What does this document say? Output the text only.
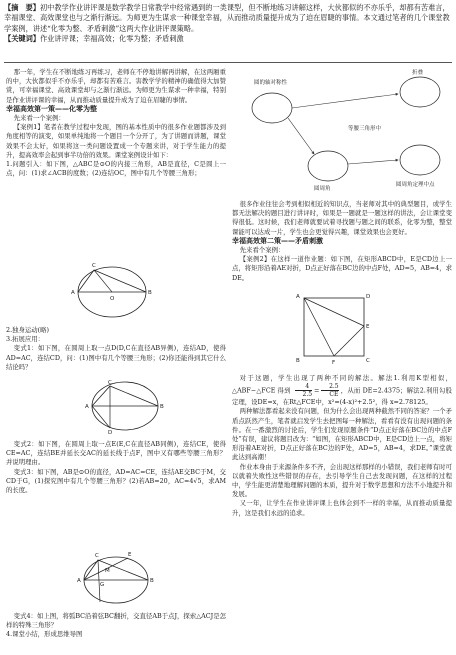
【摘　要】初中教学作业讲评课是数学教学日常教学中经常遇到的一类课型，但不断地练习讲解这样，大伙都似的不亦乐乎，却都有苦难言，幸福课堂、高效课堂也与之渐行渐远。为师更为生谋求一种课堂幸福，从而推动质量提升成为了迫在眉睫的事情。本文通过笔者的几个课堂教学案例，讲述“化零为整、矛盾刺激”这两大作业讲评课策略。
【关键词】作业讲评课；幸福高效；化零为整；矛盾刺激

那一年，学生在不断地练习再练习，老师在不停地讲解再讲解，在这两厢重的中，大伙都似乎不亦乐乎，却都有苦难言。害教学学的精神的确值得大加赞赏，可幸福课堂、高效课堂却与之渐行渐远。为师更为生谋求一种幸福，特别是作业讲评课的幸福，从而推动质量提升成为了迫在眉睫的事情。

幸福高效第一策——化零为整

先来看一个案例：

【案例1】笔者在教学过程中发现，图的基本性质中的很多作业题都涉及到角度相等的演变，如果单纯地将一个题目一个分开了，为了讲题而讲题，课堂效果不会太好，如果将这一类问题设置成一个专题来讲，对于学生能力的提升，提高效率会起到事半功倍的效果。课堂案例设计如下：

1.问题引入：如下图，△ABC是⊙O的内接三角形，AB是直径，C是圆上一点，问：(1)求∠ACB的度数；(2)连结OC，图中有几个等腰三角形；

A
C
B
O

2.独身运动(略)

3.拓展应用：

变式1：如下图，在圆周上取一点D(D,C在直径AB异侧)，连结AD，使得AD=AC，连结CD，问：(1)图中有几个等腰三角形；(2)你还能得到其它什么结论吗？

A
C
B
D

变式2：如下图，在圆周上取一点E(E,C在直径AB同侧)，连结CE，使得CE=AC，连结BE并延长交AC的延长线于点F，图中又有哪些等腰三角形？并说明理由。

变式3：如下图，AB是⊙O的直径，AD=AC=CE，连结AE交BC于M，交CD于G，(1)探究图中有几个等腰三角形？(2)若AB=20，AC=4√5，求AM的长度。

A
C	E
B
M
G

变式4：如上图，将弧BC沿着弦BC翻折，交直径AB于点J，探索△ACJ是怎样的特殊三角形？

4.课堂小结，形成思维导图

圆的轴对称性
圆周角
折叠
圆周角定理中点
等腰三角形中

很多作业往往会考到相似相近的知识点，当老师对其中的典型题目，或学生都无法解决的题目进行讲评时，如果是一题就是一题这样的讲法，会让课堂变得很低。这时候，我们老师就要试着寻找题与题之间的联系，化零为整，整堂课能可以达成一片，学生也会更觉得兴趣，课堂效果也会更好。

幸福高效第二策——矛盾刺激

先来看个案例：

【案例2】在这样一道作业题：如下图，在矩形ABCD中，E是CD边上一点，将矩形沿着AE对折，D点正好落在BC边的中点F处，AD=5，AB=4，求DE。

A	D
E
B	F	C

对于这题，学生出现了两种不同的解法。解法1.利用K型相似，△ABF∽△FCE 得到 $\frac{4}{2.5} = \frac{2.5}{CE}$ ，从而 DE=2.4375；解法2.利用勾股定理，设DE=x，在Rt△FCE中，x²=(4-x)²+2.5²，得 x=2.78125。

两种解法都看起来没有问题，但为什么会出现两种截然不同的答案？一个矛盾点跃然产生，笔者就启发学生去把图每一种解法，看看有没有出现问题的条件。在一番激烈的讨论后，学生们发现原题条件“D点正好落在BC边的中点F处”有误，建议将题目改为：“如图，在矩形ABCD中，E是CD边上一点，将矩形沿着AE对折，D点正好落在BC边的F处，AD=5，AB=4，求DE。”课堂就此达到高潮！

作业本身由于来源条件多不齐，会出现这样那样的小错误，我们老师有时可以就着失败性这些错误的存在，去引导学生自己去发现问题，在这样的过程中，学生能更清楚地理解问题的本质，提升对于数学思想和方法不小地提升和发展。

又一年，让学生在作业讲评课上也体会到不一样的幸福，从而推动质量提升，这是我们永远的追求。
